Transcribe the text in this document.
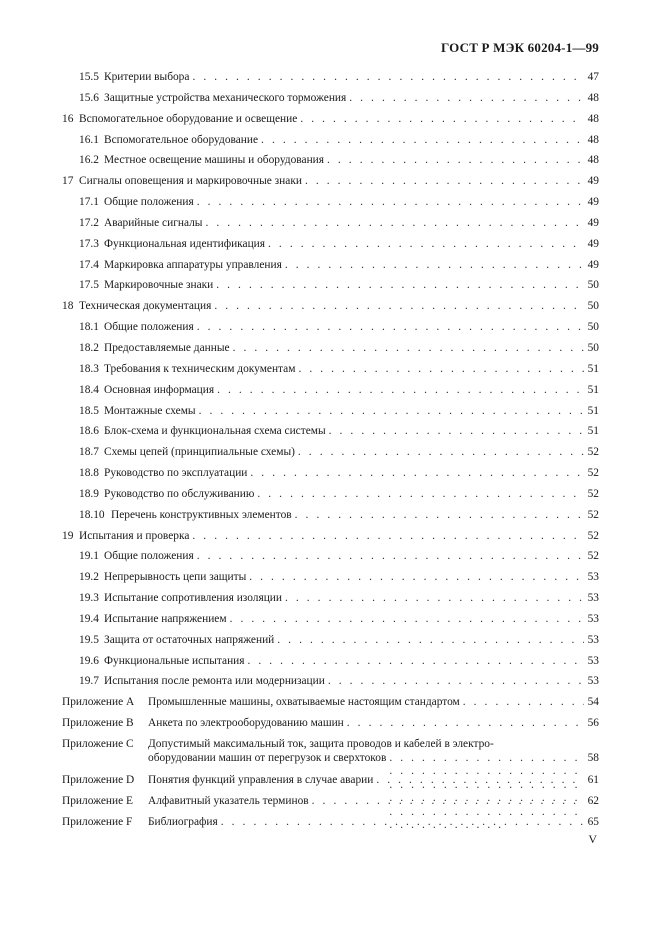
ГОСТ Р МЭК 60204-1—99
15.5 Критерии выбора . . .	47
15.6 Защитные устройства механического торможения . . .	48
16 Вспомогательное оборудование и освещение . . .	48
16.1 Вспомогательное оборудование . . .	48
16.2 Местное освещение машины и оборудования . . .	48
17 Сигналы оповещения и маркировочные знаки . . .	49
17.1 Общие положения . . .	49
17.2 Аварийные сигналы . . .	49
17.3 Функциональная идентификация . . .	49
17.4 Маркировка аппаратуры управления . . .	49
17.5 Маркировочные знаки . . .	50
18 Техническая документация . . .	50
18.1 Общие положения . . .	50
18.2 Предоставляемые данные . . .	50
18.3 Требования к техническим документам . . .	51
18.4 Основная информация . . .	51
18.5 Монтажные схемы . . .	51
18.6 Блок-схема и функциональная схема системы . . .	51
18.7 Схемы цепей (принципиальные схемы) . . .	52
18.8 Руководство по эксплуатации . . .	52
18.9 Руководство по обслуживанию . . .	52
18.10 Перечень конструктивных элементов . . .	52
19 Испытания и проверка . . .	52
19.1 Общие положения . . .	52
19.2 Непрерывность цепи защиты . . .	53
19.3 Испытание сопротивления изоляции . . .	53
19.4 Испытание напряжением . . .	53
19.5 Защита от остаточных напряжений . . .	53
19.6 Функциональные испытания . . .	53
19.7 Испытания после ремонта или модернизации . . .	53
Приложение А	Промышленные машины, охватываемые настоящим стандартом . . .	54
Приложение В	Анкета по электрооборудованию машин . . .	56
Приложение С	Допустимый максимальный ток, защита проводов и кабелей в электро-
оборудовании машин от перегрузок и сверхтоков . . .	58
Приложение D	Понятия функций управления в случае аварии . . .	61
Приложение Е	Алфавитный указатель терминов . . .	62
Приложение F	Библиография . . .	65
V
